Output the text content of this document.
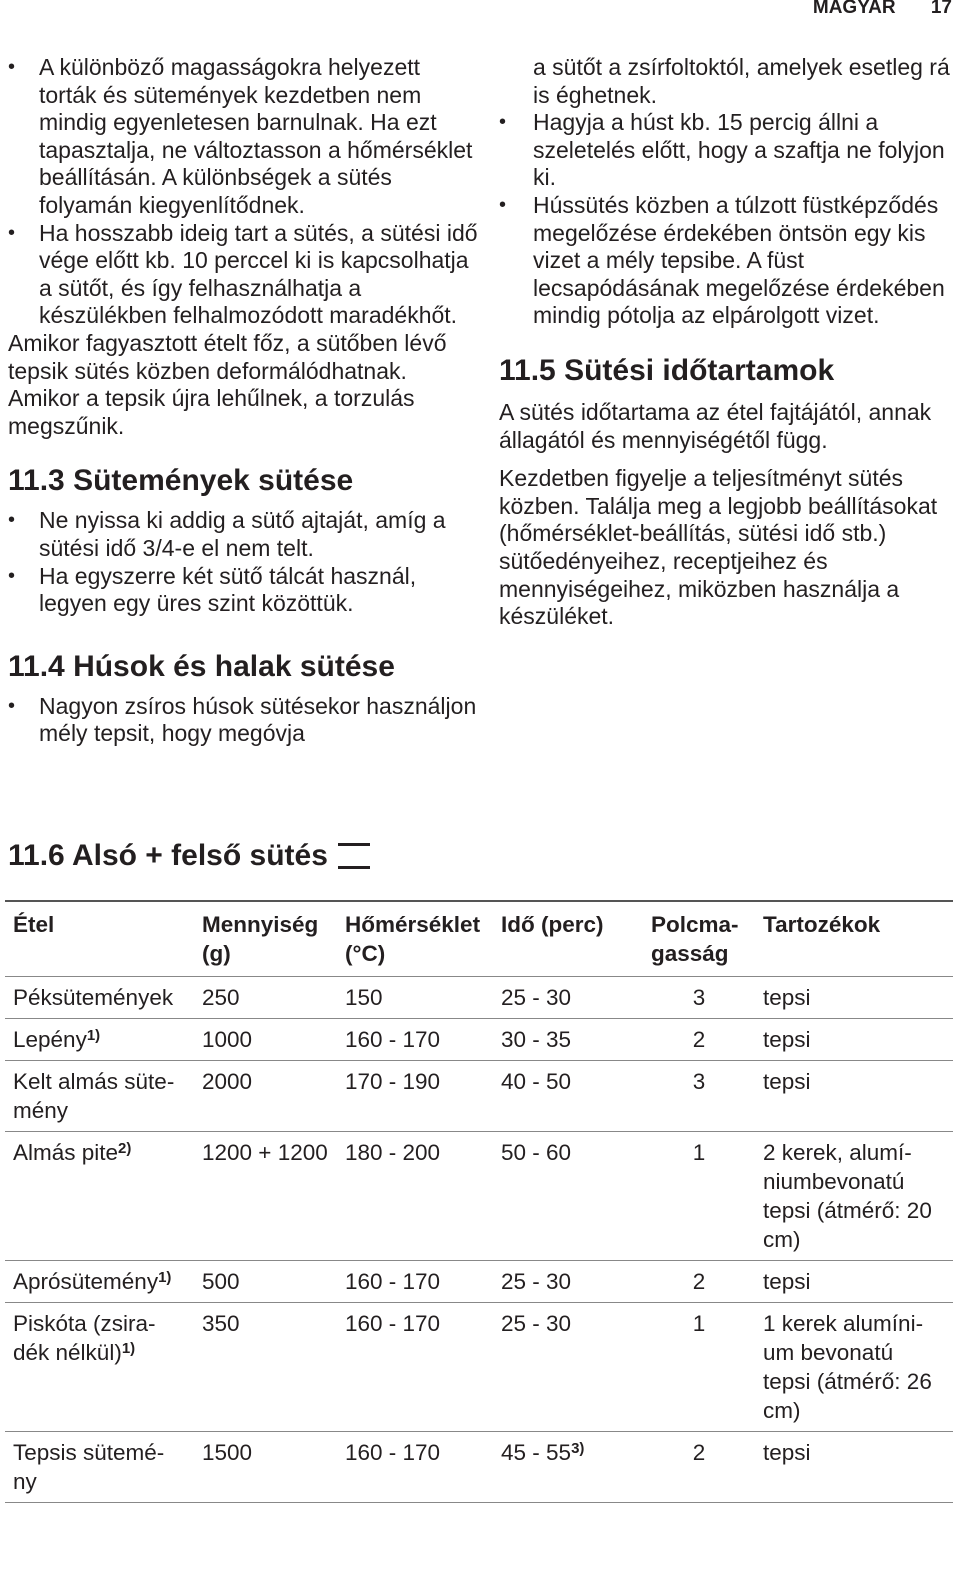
MAGYAR 17
• A különböző magasságokra helyezett torták és sütemények kezdetben nem mindig egyenletesen barnulnak. Ha ezt tapasztalja, ne változtasson a hőmérséklet beállításán. A különbségek a sütés folyamán kiegyenlítődnek.
• Ha hosszabb ideig tart a sütés, a sütési idő vége előtt kb. 10 perccel ki is kapcsolhatja a sütőt, és így felhasználhatja a készülékben felhalmozódott maradékhőt.

Amikor fagyasztott ételt főz, a sütőben lévő tepsik sütés közben deformálódhatnak. Amikor a tepsik újra lehűlnek, a torzulás megszűnik.

11.3 Sütemények sütése
• Ne nyissa ki addig a sütő ajtaját, amíg a sütési idő 3/4-e el nem telt.
• Ha egyszerre két sütő tálcát használ, legyen egy üres szint közöttük.
11.4 Húsok és halak sütése
• Nagyon zsíros húsok sütésekor használjon mély tepsit, hogy megóvja

a sütőt a zsírfoltoktól, amelyek esetleg rá is éghetnek.

• Hagyja a húst kb. 15 percig állni a szeletelés előtt, hogy a szaftja ne folyjon ki.
• Hússütés közben a túlzott füstképződés megelőzése érdekében öntsön egy kis vizet a mély tepsibe. A füst lecsapódásának megelőzése érdekében mindig pótolja az elpárolgott vizet.
11.5 Sütési időtartamok

A sütés időtartama az étel fajtájától, annak állagától és mennyiségétől függ.

Kezdetben figyelje a teljesítményt sütés közben. Találja meg a legjobb beállításokat (hőmérséklet-beállítás, sütési idő stb.) sütőedényeihez, receptjeihez és mennyiségeihez, miközben használja a készüléket.

11.6 Alsó + felső sütés
Étel	Mennyiség (g)	Hőmérséklet (°C)	Idő (perc)	Polcma-gasság	Tartozékok
Péksütemények	250	150	25 - 30	3	tepsi
Lepény$^{1)}$	1000	160 - 170	30 - 35	2	tepsi
Kelt almás süte-mény	2000	170 - 190	40 - 50	3	tepsi
Almás pite$^{2)}$	1200 + 1200	180 - 200	50 - 60	1	2 kerek, alumí-niumbevonatú tepsi (átmérő: 20 cm)
Aprósütemény$^{1)}$	500	160 - 170	25 - 30	2	tepsi
Piskóta (zsira-dék nélkül)$^{1)}$	350	160 - 170	25 - 30	1	1 kerek alumíni-um bevonatú tepsi (átmérő: 26 cm)
Tepsis sütemé-ny	1500	160 - 170	45 - 55$^{3)}$	2	tepsi
